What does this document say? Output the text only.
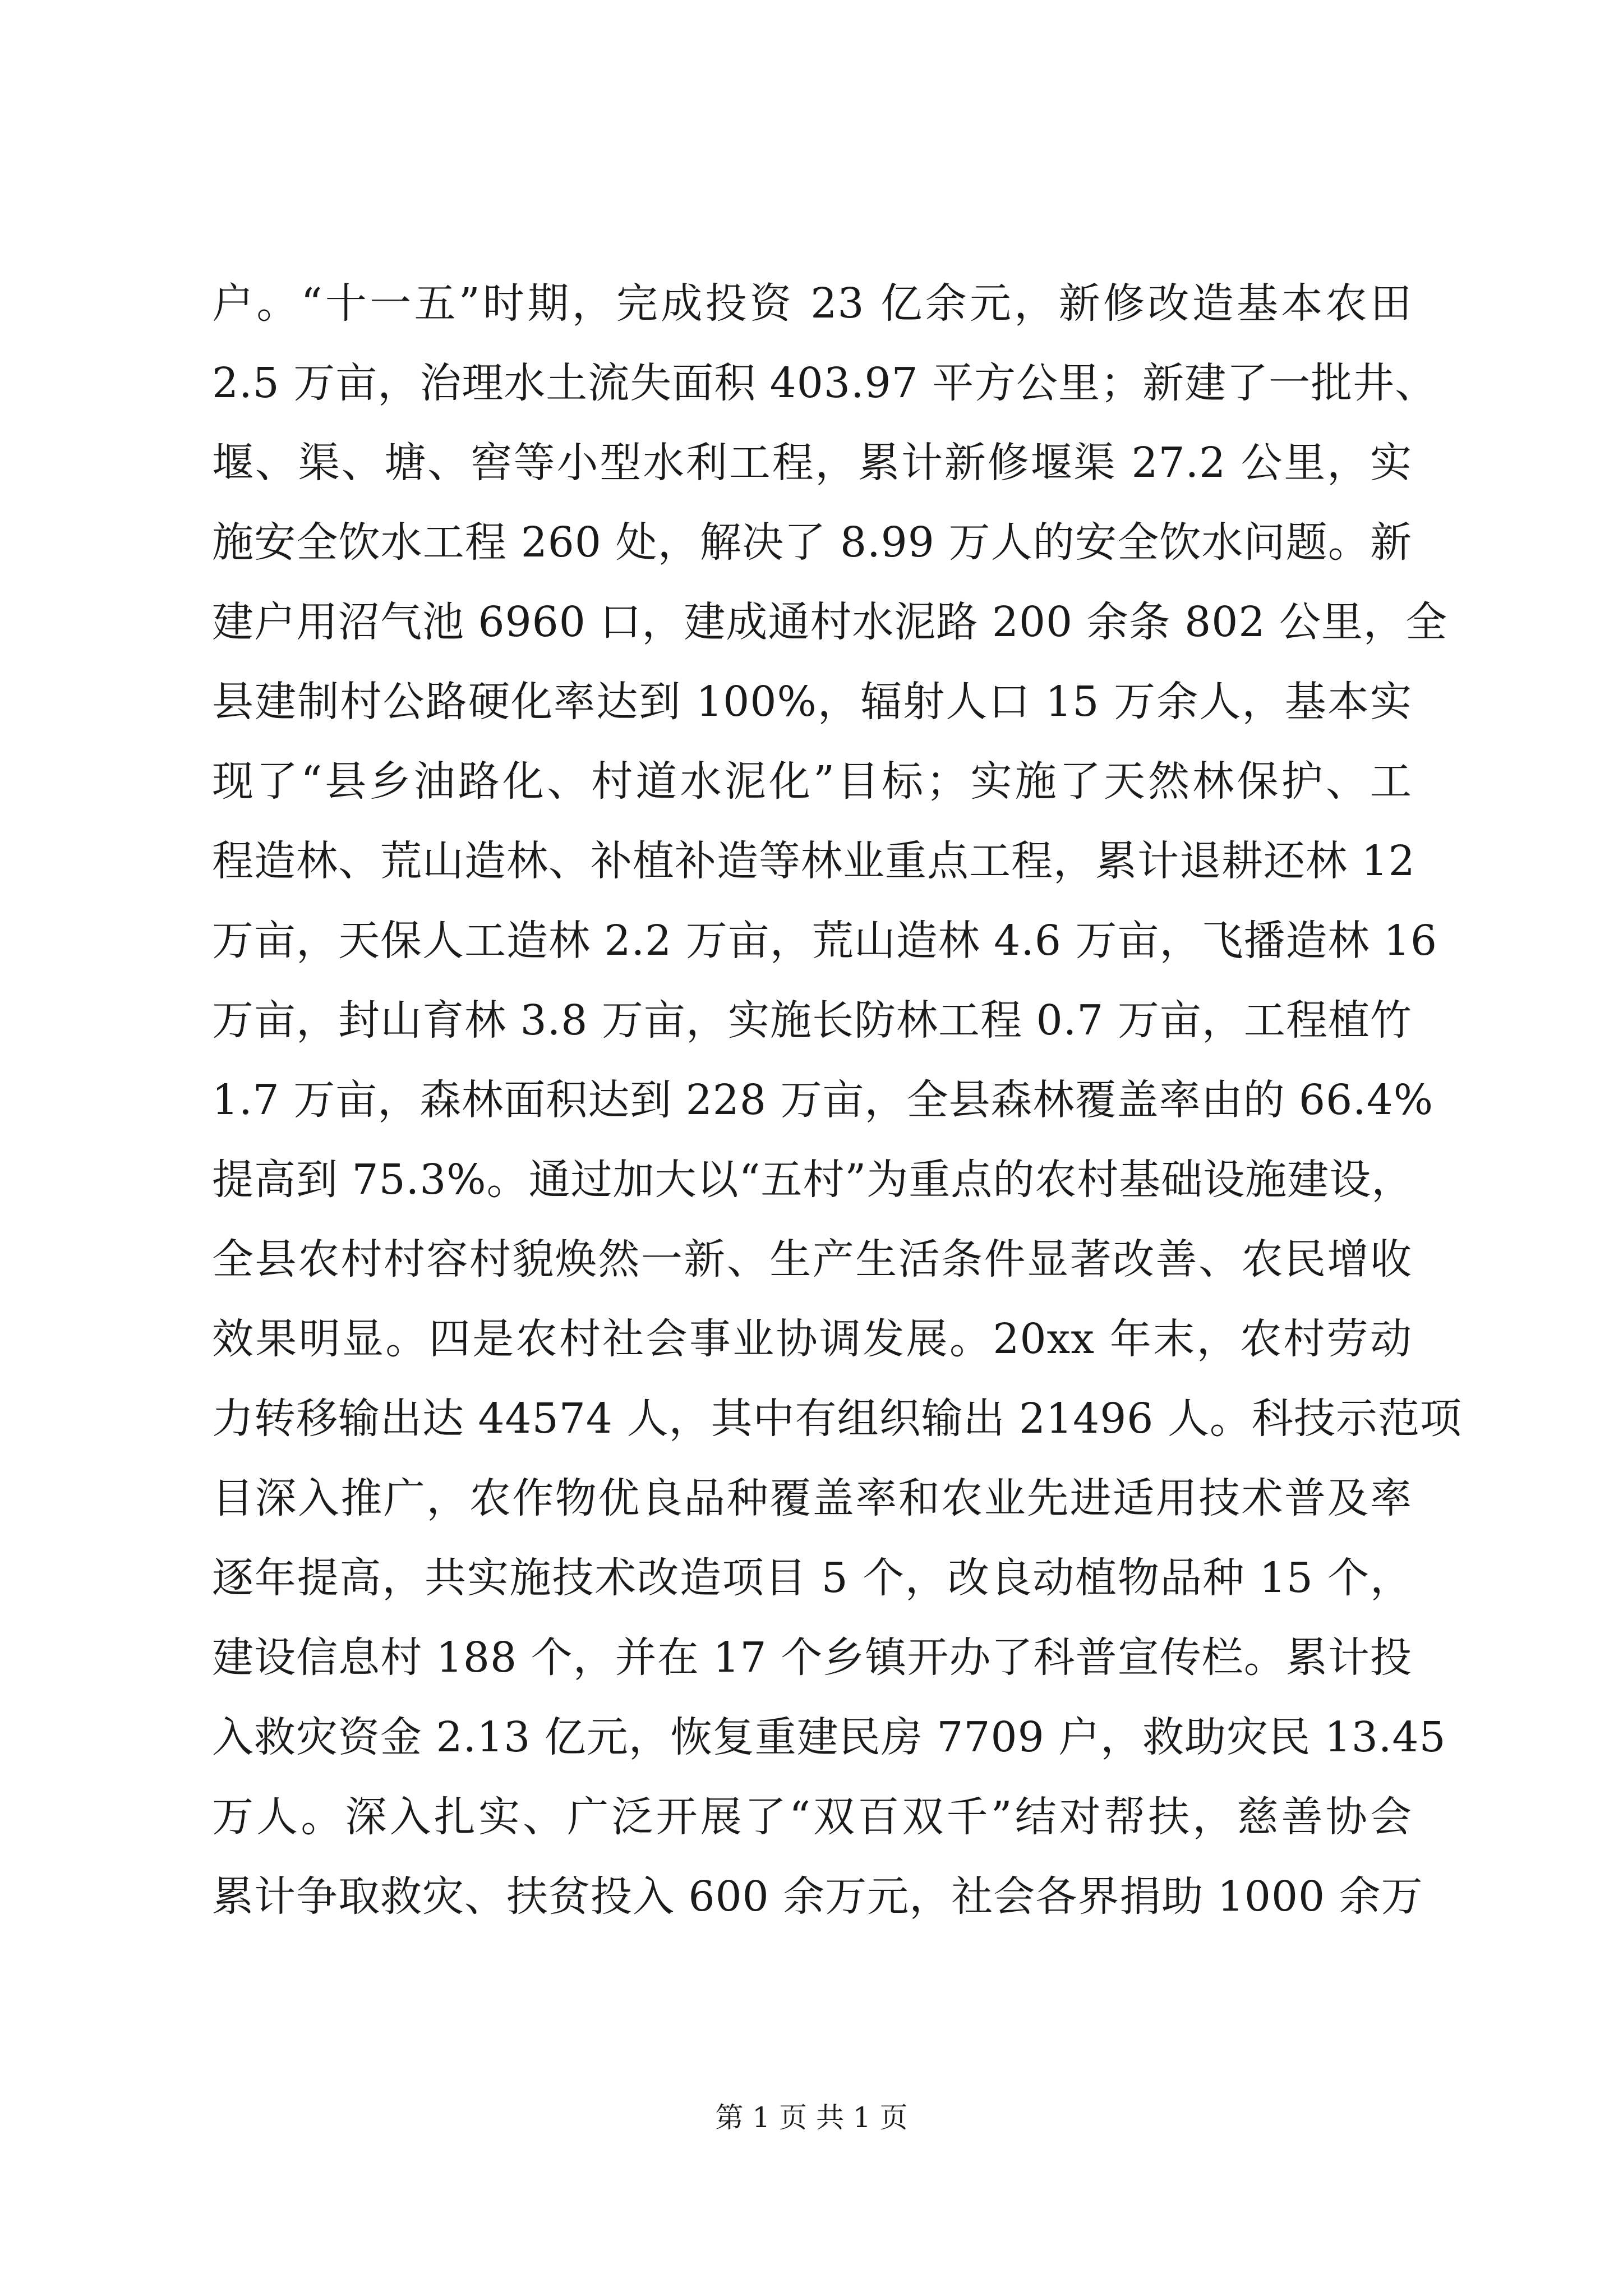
户。“十一五”时期，完成投资 23 亿余元，新修改造基本农田
2.5 万亩，治理水土流失面积 403.97 平方公里；新建了一批井、
堰、渠、塘、窖等小型水利工程，累计新修堰渠 27.2 公里，实
施安全饮水工程 260 处，解决了 8.99 万人的安全饮水问题。新
建户用沼气池 6960 口，建成通村水泥路 200 余条 802 公里，全
县建制村公路硬化率达到 100%，辐射人口 15 万余人，基本实
现了“县乡油路化、村道水泥化”目标；实施了天然林保护、工
程造林、荒山造林、补植补造等林业重点工程，累计退耕还林 12
万亩，天保人工造林 2.2 万亩，荒山造林 4.6 万亩，飞播造林 16
万亩，封山育林 3.8 万亩，实施长防林工程 0.7 万亩，工程植竹
1.7 万亩，森林面积达到 228 万亩，全县森林覆盖率由的 66.4%
提高到 75.3%。通过加大以“五村”为重点的农村基础设施建设，
全县农村村容村貌焕然一新、生产生活条件显著改善、农民增收
效果明显。四是农村社会事业协调发展。20xx 年末，农村劳动
力转移输出达 44574 人，其中有组织输出 21496 人。科技示范项
目深入推广，农作物优良品种覆盖率和农业先进适用技术普及率
逐年提高，共实施技术改造项目 5 个，改良动植物品种 15 个，
建设信息村 188 个，并在 17 个乡镇开办了科普宣传栏。累计投
入救灾资金 2.13 亿元，恢复重建民房 7709 户，救助灾民 13.45
万人。深入扎实、广泛开展了“双百双千”结对帮扶，慈善协会
累计争取救灾、扶贫投入 600 余万元，社会各界捐助 1000 余万
第 1 页 共 1 页
